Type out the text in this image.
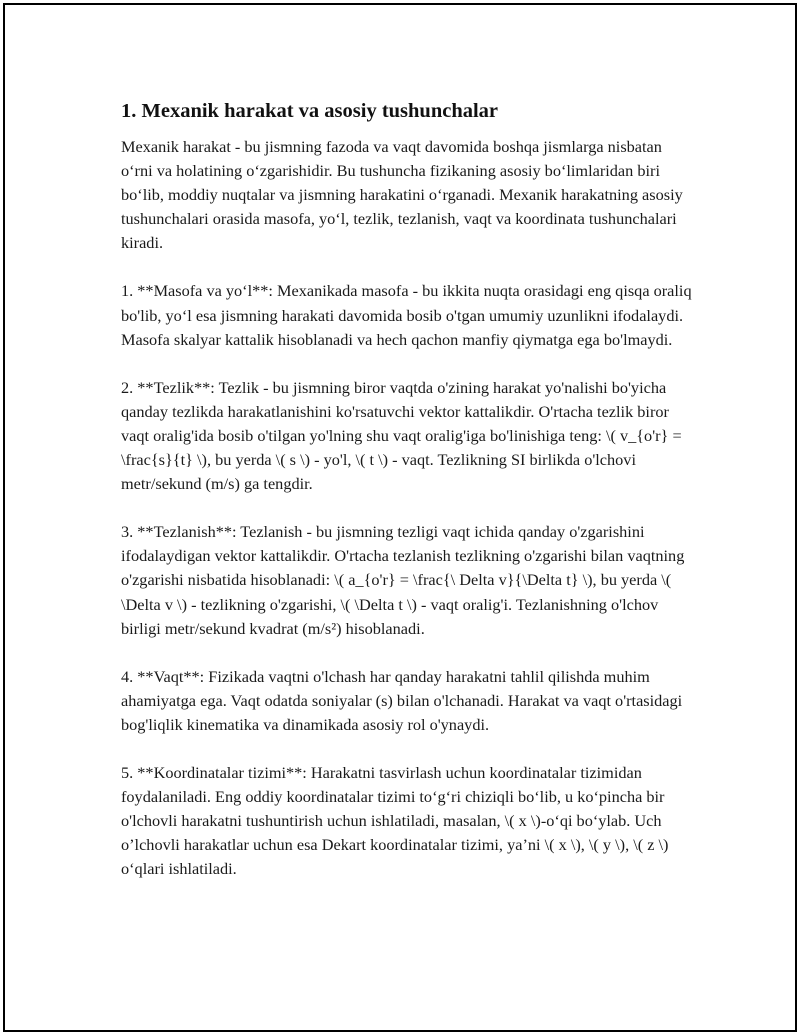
1. Mexanik harakat va asosiy tushunchalar

Mexanik harakat - bu jismning fazoda va vaqt davomida boshqa jismlarga nisbatan o‘rni va holatining o‘zgarishidir. Bu tushuncha fizikaning asosiy bo‘limlaridan biri bo‘lib, moddiy nuqtalar va jismning harakatini o‘rganadi. Mexanik harakatning asosiy tushunchalari orasida masofa, yo‘l, tezlik, tezlanish, vaqt va koordinata tushunchalari kiradi.

1. **Masofa va yo‘l**: Mexanikada masofa - bu ikkita nuqta orasidagi eng qisqa oraliq bo'lib, yo‘l esa jismning harakati davomida bosib o'tgan umumiy uzunlikni ifodalaydi. Masofa skalyar kattalik hisoblanadi va hech qachon manfiy qiymatga ega bo'lmaydi.

2. **Tezlik**: Tezlik - bu jismning biror vaqtda o'zining harakat yo'nalishi bo'yicha qanday tezlikda harakatlanishini ko'rsatuvchi vektor kattalikdir. O'rtacha tezlik biror vaqt oralig'ida bosib o'tilgan yo'lning shu vaqt oralig'iga bo'linishiga teng: \( v_{o'r} = \frac{s}{t} \), bu yerda \( s \) - yo'l, \( t \) - vaqt. Tezlikning SI birlikda o'lchovi metr/sekund (m/s) ga tengdir.

3. **Tezlanish**: Tezlanish - bu jismning tezligi vaqt ichida qanday o'zgarishini ifodalaydigan vektor kattalikdir. O'rtacha tezlanish tezlikning o'zgarishi bilan vaqtning o'zgarishi nisbatida hisoblanadi: \( a_{o'r} = \frac{\ Delta v}{\Delta t} \), bu yerda \( \Delta v \) - tezlikning o'zgarishi, \( \Delta t \) - vaqt oralig'i. Tezlanishning o'lchov birligi metr/sekund kvadrat (m/s²) hisoblanadi.

4. **Vaqt**: Fizikada vaqtni o'lchash har qanday harakatni tahlil qilishda muhim ahamiyatga ega. Vaqt odatda soniyalar (s) bilan o'lchanadi. Harakat va vaqt o'rtasidagi bog'liqlik kinematika va dinamikada asosiy rol o'ynaydi.

5. **Koordinatalar tizimi**: Harakatni tasvirlash uchun koordinatalar tizimidan foydalaniladi. Eng oddiy koordinatalar tizimi to‘g‘ri chiziqli bo‘lib, u ko‘pincha bir o'lchovli harakatni tushuntirish uchun ishlatiladi, masalan, \( x \)-o‘qi bo‘ylab. Uch o’lchovli harakatlar uchun esa Dekart koordinatalar tizimi, ya’ni \( x \), \( y \), \( z \) o‘qlari ishlatiladi.
